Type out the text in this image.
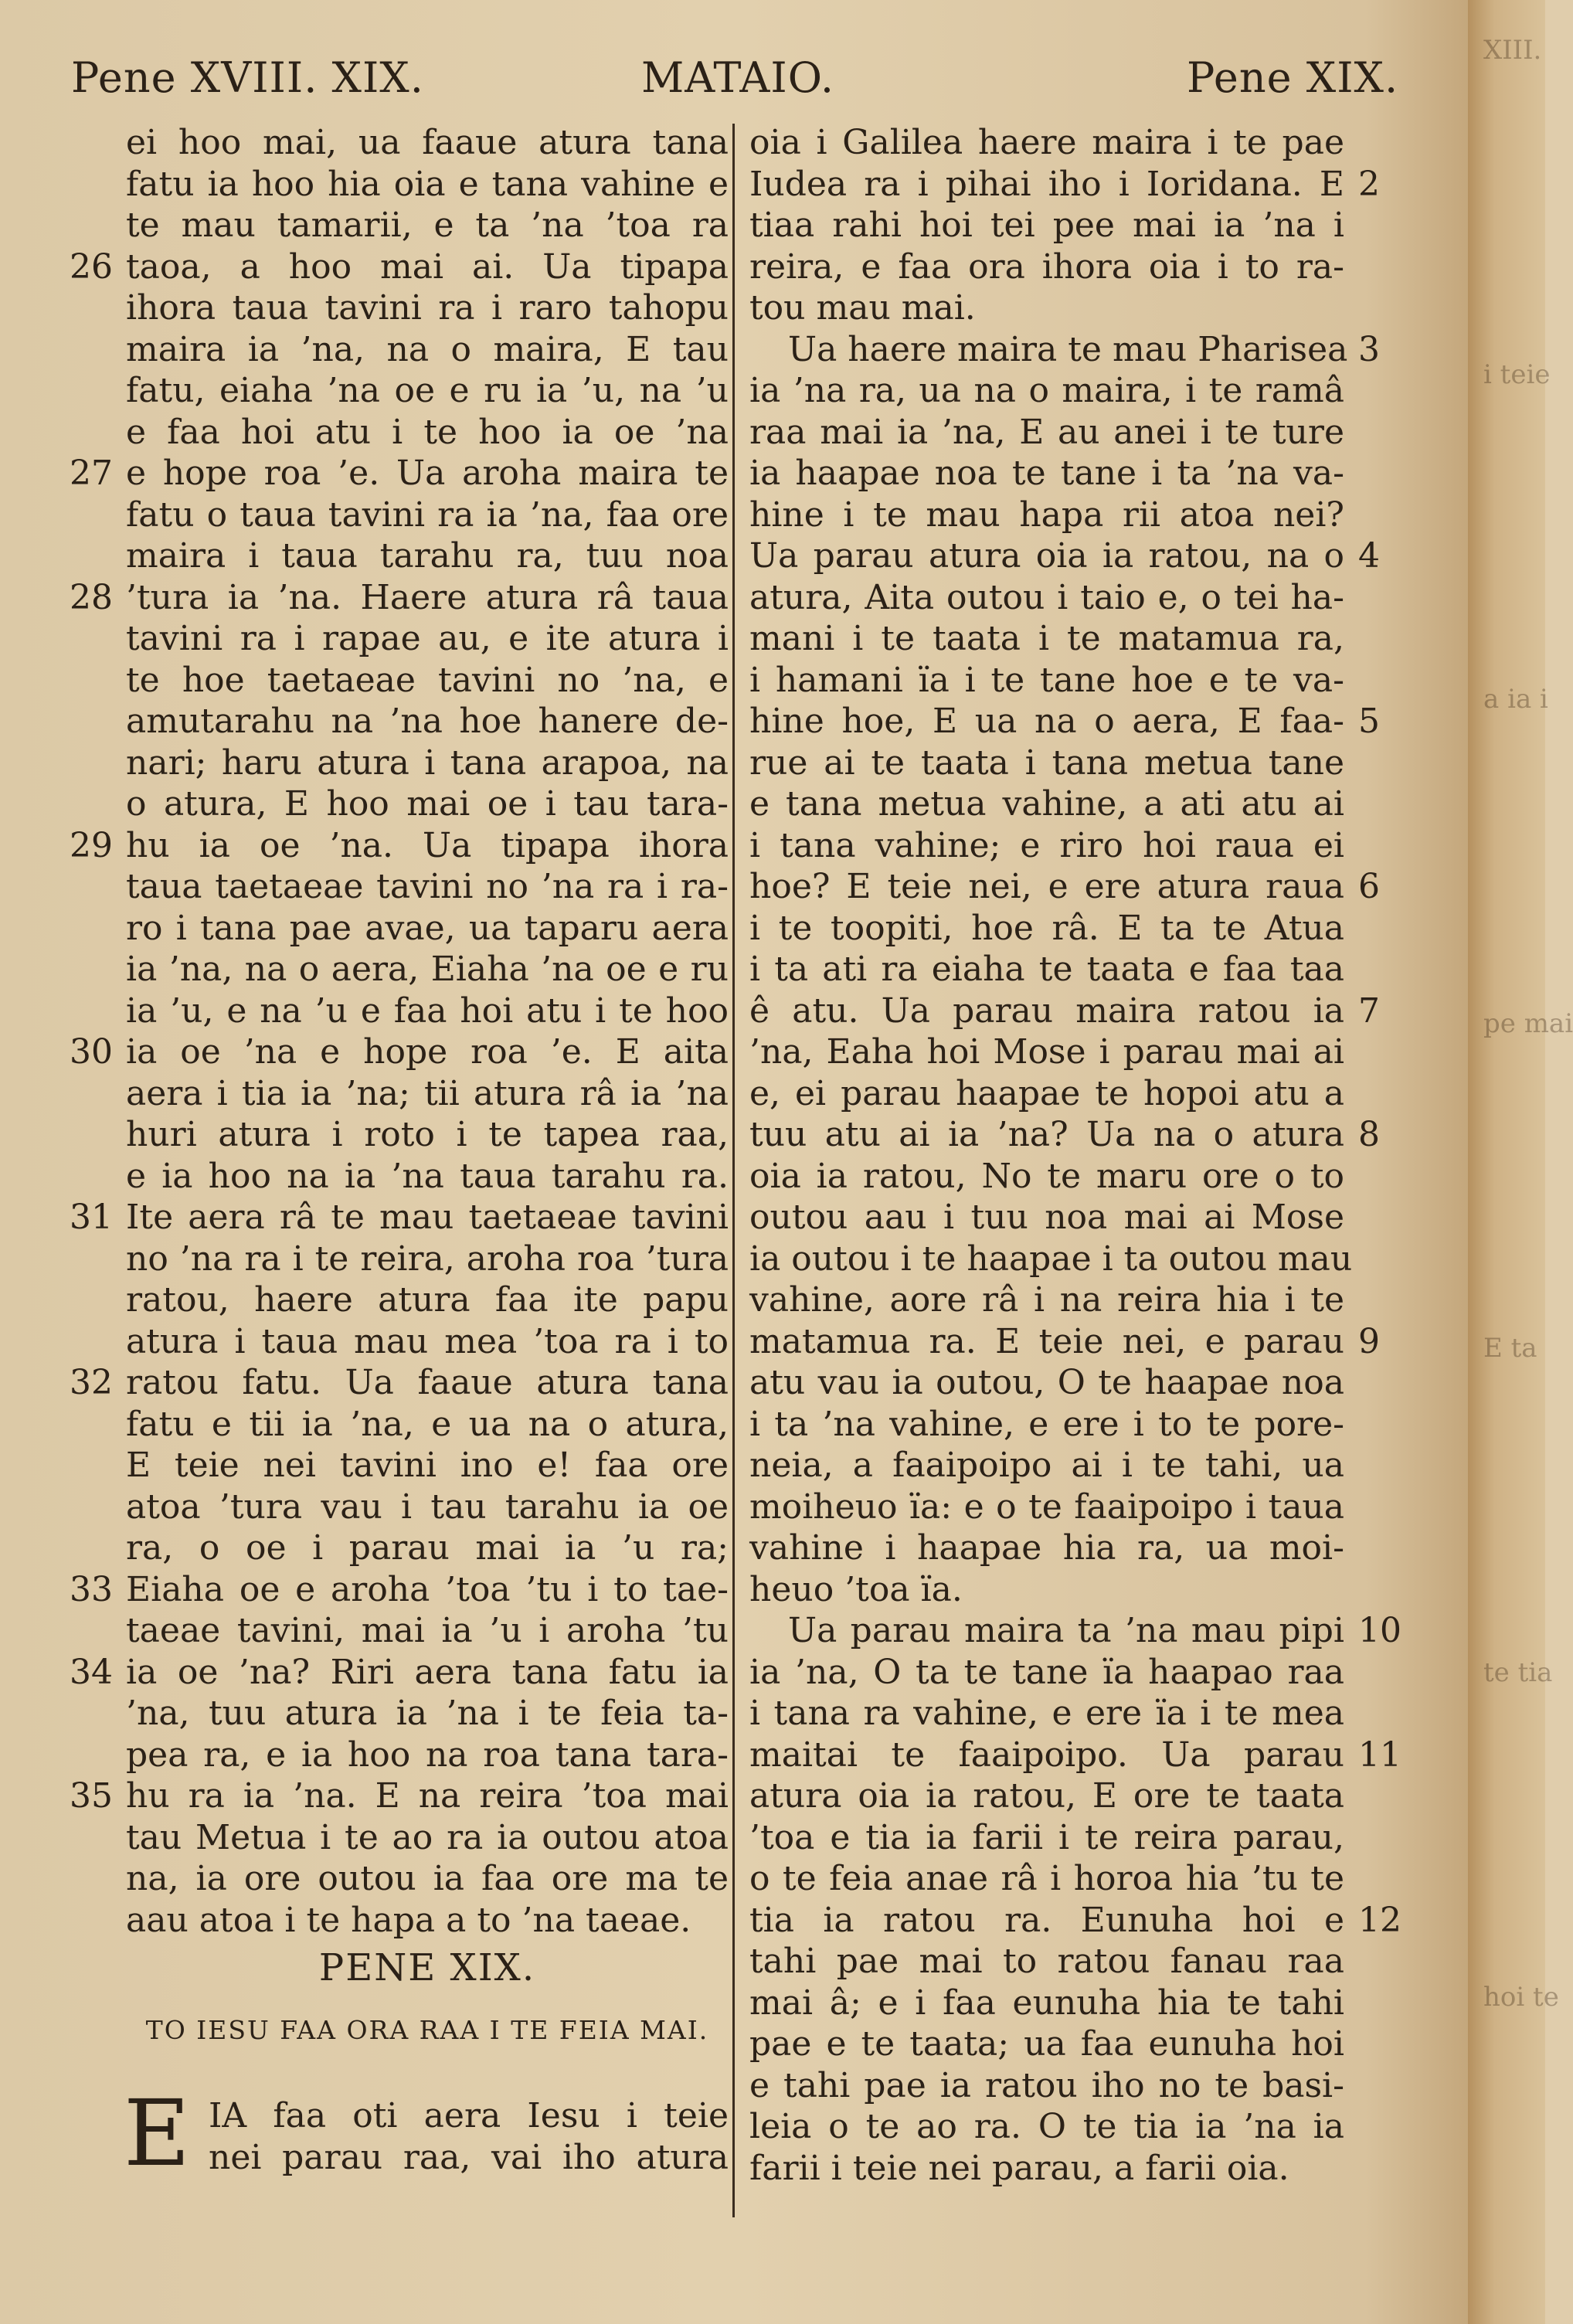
Pene XVIII. XIX.	MATAIO.	Pene XIX.
ei hoo mai, ua faaue atura tana
fatu ia hoo hia oia e tana vahine e
te mau tamarii, e ta ’na ’toa ra
taoa, a hoo mai ai. Ua tipapa
ihora taua tavini ra i raro tahopu
maira ia ’na, na o maira, E tau
fatu, eiaha ’na oe e ru ia ’u, na ’u
e faa hoi atu i te hoo ia oe ’na
e hope roa ’e. Ua aroha maira te
fatu o taua tavini ra ia ’na, faa ore
maira i taua tarahu ra, tuu noa
’tura ia ’na. Haere atura râ taua
tavini ra i rapae au, e ite atura i
te hoe taetaeae tavini no ’na, e
amutarahu na ’na hoe hanere de-
nari; haru atura i tana arapoa, na
o atura, E hoo mai oe i tau tara-
hu ia oe ’na. Ua tipapa ihora
taua taetaeae tavini no ’na ra i ra-
ro i tana pae avae, ua taparu aera
ia ’na, na o aera, Eiaha ’na oe e ru
ia ’u, e na ’u e faa hoi atu i te hoo
ia oe ’na e hope roa ’e. E aita
aera i tia ia ’na; tii atura râ ia ’na
huri atura i roto i te tapea raa,
e ia hoo na ia ’na taua tarahu ra.
Ite aera râ te mau taetaeae tavini
no ’na ra i te reira, aroha roa ’tura
ratou, haere atura faa ite papu
atura i taua mau mea ’toa ra i to
ratou fatu. Ua faaue atura tana
fatu e tii ia ’na, e ua na o atura,
E teie nei tavini ino e! faa ore
atoa ’tura vau i tau tarahu ia oe
ra, o oe i parau mai ia ’u ra;
Eiaha oe e aroha ’toa ’tu i to tae-
taeae tavini, mai ia ’u i aroha ’tu
ia oe ’na? Riri aera tana fatu ia
’na, tuu atura ia ’na i te feia ta-
pea ra, e ia hoo na roa tana tara-
hu ra ia ’na. E na reira ’toa mai
tau Metua i te ao ra ia outou atoa
na, ia ore outou ia faa ore ma te
aau atoa i te hapa a to ’na taeae.
26
27
28
29
30
31
32
33
34
35
PENE XIX.
TO IESU FAA ORA RAA I TE FEIA MAI.
E IA faa oti aera Iesu i teie
nei parau raa, vai iho atura
oia i Galilea haere maira i te pae
Iudea ra i pihai iho i Ioridana. E
tiaa rahi hoi tei pee mai ia ’na i
reira, e faa ora ihora oia i to ra-
tou mau mai.
Ua haere maira te mau Pharisea
ia ’na ra, ua na o maira, i te ramâ
raa mai ia ’na, E au anei i te ture
ia haapae noa te tane i ta ’na va-
hine i te mau hapa rii atoa nei?
Ua parau atura oia ia ratou, na o
atura, Aita outou i taio e, o tei ha-
mani i te taata i te matamua ra,
i hamani ïa i te tane hoe e te va-
hine hoe, E ua na o aera, E faa-
rue ai te taata i tana metua tane
e tana metua vahine, a ati atu ai
i tana vahine; e riro hoi raua ei
hoe? E teie nei, e ere atura raua
i te toopiti, hoe râ. E ta te Atua
i ta ati ra eiaha te taata e faa taa
ê atu. Ua parau maira ratou ia
’na, Eaha hoi Mose i parau mai ai
e, ei parau haapae te hopoi atu a
tuu atu ai ia ’na? Ua na o atura
oia ia ratou, No te maru ore o to
outou aau i tuu noa mai ai Mose
ia outou i te haapae i ta outou mau
vahine, aore râ i na reira hia i te
matamua ra. E teie nei, e parau
atu vau ia outou, O te haapae noa
i ta ’na vahine, e ere i to te pore-
neia, a faaipoipo ai i te tahi, ua
moiheuo ïa: e o te faaipoipo i taua
vahine i haapae hia ra, ua moi-
heuo ’toa ïa.
Ua parau maira ta ’na mau pipi
ia ’na, O ta te tane ïa haapao raa
i tana ra vahine, e ere ïa i te mea
maitai te faaipoipo. Ua parau
atura oia ia ratou, E ore te taata
’toa e tia ia farii i te reira parau,
o te feia anae râ i horoa hia ’tu te
tia ia ratou ra. Eunuha hoi e
tahi pae mai to ratou fanau raa
mai â; e i faa eunuha hia te tahi
pae e te taata; ua faa eunuha hoi
e tahi pae ia ratou iho no te basi-
leia o te ao ra. O te tia ia ’na ia
farii i teie nei parau, a farii oia.
2
3
4
5
6
7
8
9
10
11
12
XIII.
i teie
a ia i
pe mai
E ta
te tia
hoi te
